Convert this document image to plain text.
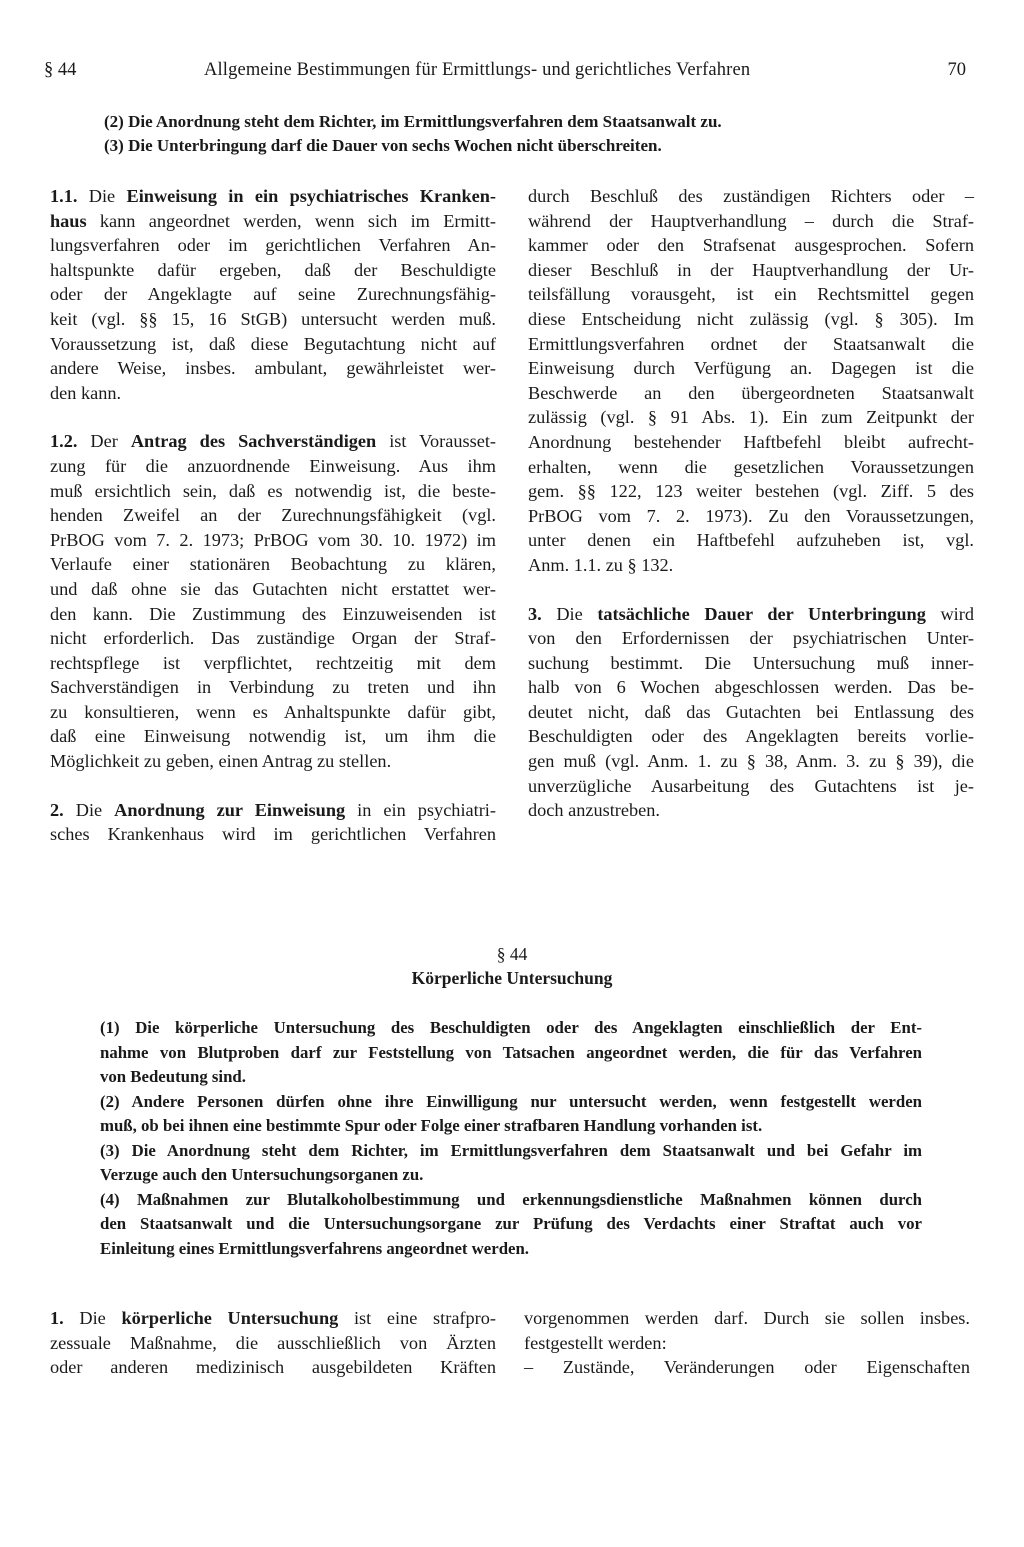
§ 44	Allgemeine Bestimmungen für Ermittlungs- und gerichtliches Verfahren	70

(2) Die Anordnung steht dem Richter, im Ermittlungsverfahren dem Staatsanwalt zu.

(3) Die Unterbringung darf die Dauer von sechs Wochen nicht überschreiten.

1.1. Die Einweisung in ein psychiatrisches Kranken-
haus kann angeordnet werden, wenn sich im Ermitt-
lungsverfahren oder im gerichtlichen Verfahren An-
haltspunkte dafür ergeben, daß der Beschuldigte
oder der Angeklagte auf seine Zurechnungsfähig-
keit (vgl. §§ 15, 16 StGB) untersucht werden muß.
Voraussetzung ist, daß diese Begutachtung nicht auf
andere Weise, insbes. ambulant, gewährleistet wer-
den kann.

1.2. Der Antrag des Sachverständigen ist Vorausset-
zung für die anzuordnende Einweisung. Aus ihm
muß ersichtlich sein, daß es notwendig ist, die beste-
henden Zweifel an der Zurechnungsfähigkeit (vgl.
PrBOG vom 7. 2. 1973; PrBOG vom 30. 10. 1972) im
Verlaufe einer stationären Beobachtung zu klären,
und daß ohne sie das Gutachten nicht erstattet wer-
den kann. Die Zustimmung des Einzuweisenden ist
nicht erforderlich. Das zuständige Organ der Straf-
rechtspflege ist verpflichtet, rechtzeitig mit dem
Sachverständigen in Verbindung zu treten und ihn
zu konsultieren, wenn es Anhaltspunkte dafür gibt,
daß eine Einweisung notwendig ist, um ihm die
Möglichkeit zu geben, einen Antrag zu stellen.

2. Die Anordnung zur Einweisung in ein psychiatri-
sches Krankenhaus wird im gerichtlichen Verfahren

durch Beschluß des zuständigen Richters oder –
während der Hauptverhandlung – durch die Straf-
kammer oder den Strafsenat ausgesprochen. Sofern
dieser Beschluß in der Hauptverhandlung der Ur-
teilsfällung vorausgeht, ist ein Rechtsmittel gegen
diese Entscheidung nicht zulässig (vgl. § 305). Im
Ermittlungsverfahren ordnet der Staatsanwalt die
Einweisung durch Verfügung an. Dagegen ist die
Beschwerde an den übergeordneten Staatsanwalt
zulässig (vgl. § 91 Abs. 1). Ein zum Zeitpunkt der
Anordnung bestehender Haftbefehl bleibt aufrecht-
erhalten, wenn die gesetzlichen Voraussetzungen
gem. §§ 122, 123 weiter bestehen (vgl. Ziff. 5 des
PrBOG vom 7. 2. 1973). Zu den Voraussetzungen,
unter denen ein Haftbefehl aufzuheben ist, vgl.
Anm. 1.1. zu § 132.

3. Die tatsächliche Dauer der Unterbringung wird
von den Erfordernissen der psychiatrischen Unter-
suchung bestimmt. Die Untersuchung muß inner-
halb von 6 Wochen abgeschlossen werden. Das be-
deutet nicht, daß das Gutachten bei Entlassung des
Beschuldigten oder des Angeklagten bereits vorlie-
gen muß (vgl. Anm. 1. zu § 38, Anm. 3. zu § 39), die
unverzügliche Ausarbeitung des Gutachtens ist je-
doch anzustreben.

§ 44
Körperliche Untersuchung

(1) Die körperliche Untersuchung des Beschuldigten oder des Angeklagten einschließlich der Ent-
nahme von Blutproben darf zur Feststellung von Tatsachen angeordnet werden, die für das Verfahren
von Bedeutung sind.

(2) Andere Personen dürfen ohne ihre Einwilligung nur untersucht werden, wenn festgestellt werden
muß, ob bei ihnen eine bestimmte Spur oder Folge einer strafbaren Handlung vorhanden ist.

(3) Die Anordnung steht dem Richter, im Ermittlungsverfahren dem Staatsanwalt und bei Gefahr im
Verzuge auch den Untersuchungsorganen zu.

(4) Maßnahmen zur Blutalkoholbestimmung und erkennungsdienstliche Maßnahmen können durch
den Staatsanwalt und die Untersuchungsorgane zur Prüfung des Verdachts einer Straftat auch vor
Einleitung eines Ermittlungsverfahrens angeordnet werden.

1. Die körperliche Untersuchung ist eine strafpro-
zessuale Maßnahme, die ausschließlich von Ärzten
oder anderen medizinisch ausgebildeten Kräften

vorgenommen werden darf. Durch sie sollen insbes.
festgestellt werden:
– Zustände, Veränderungen oder Eigenschaften
